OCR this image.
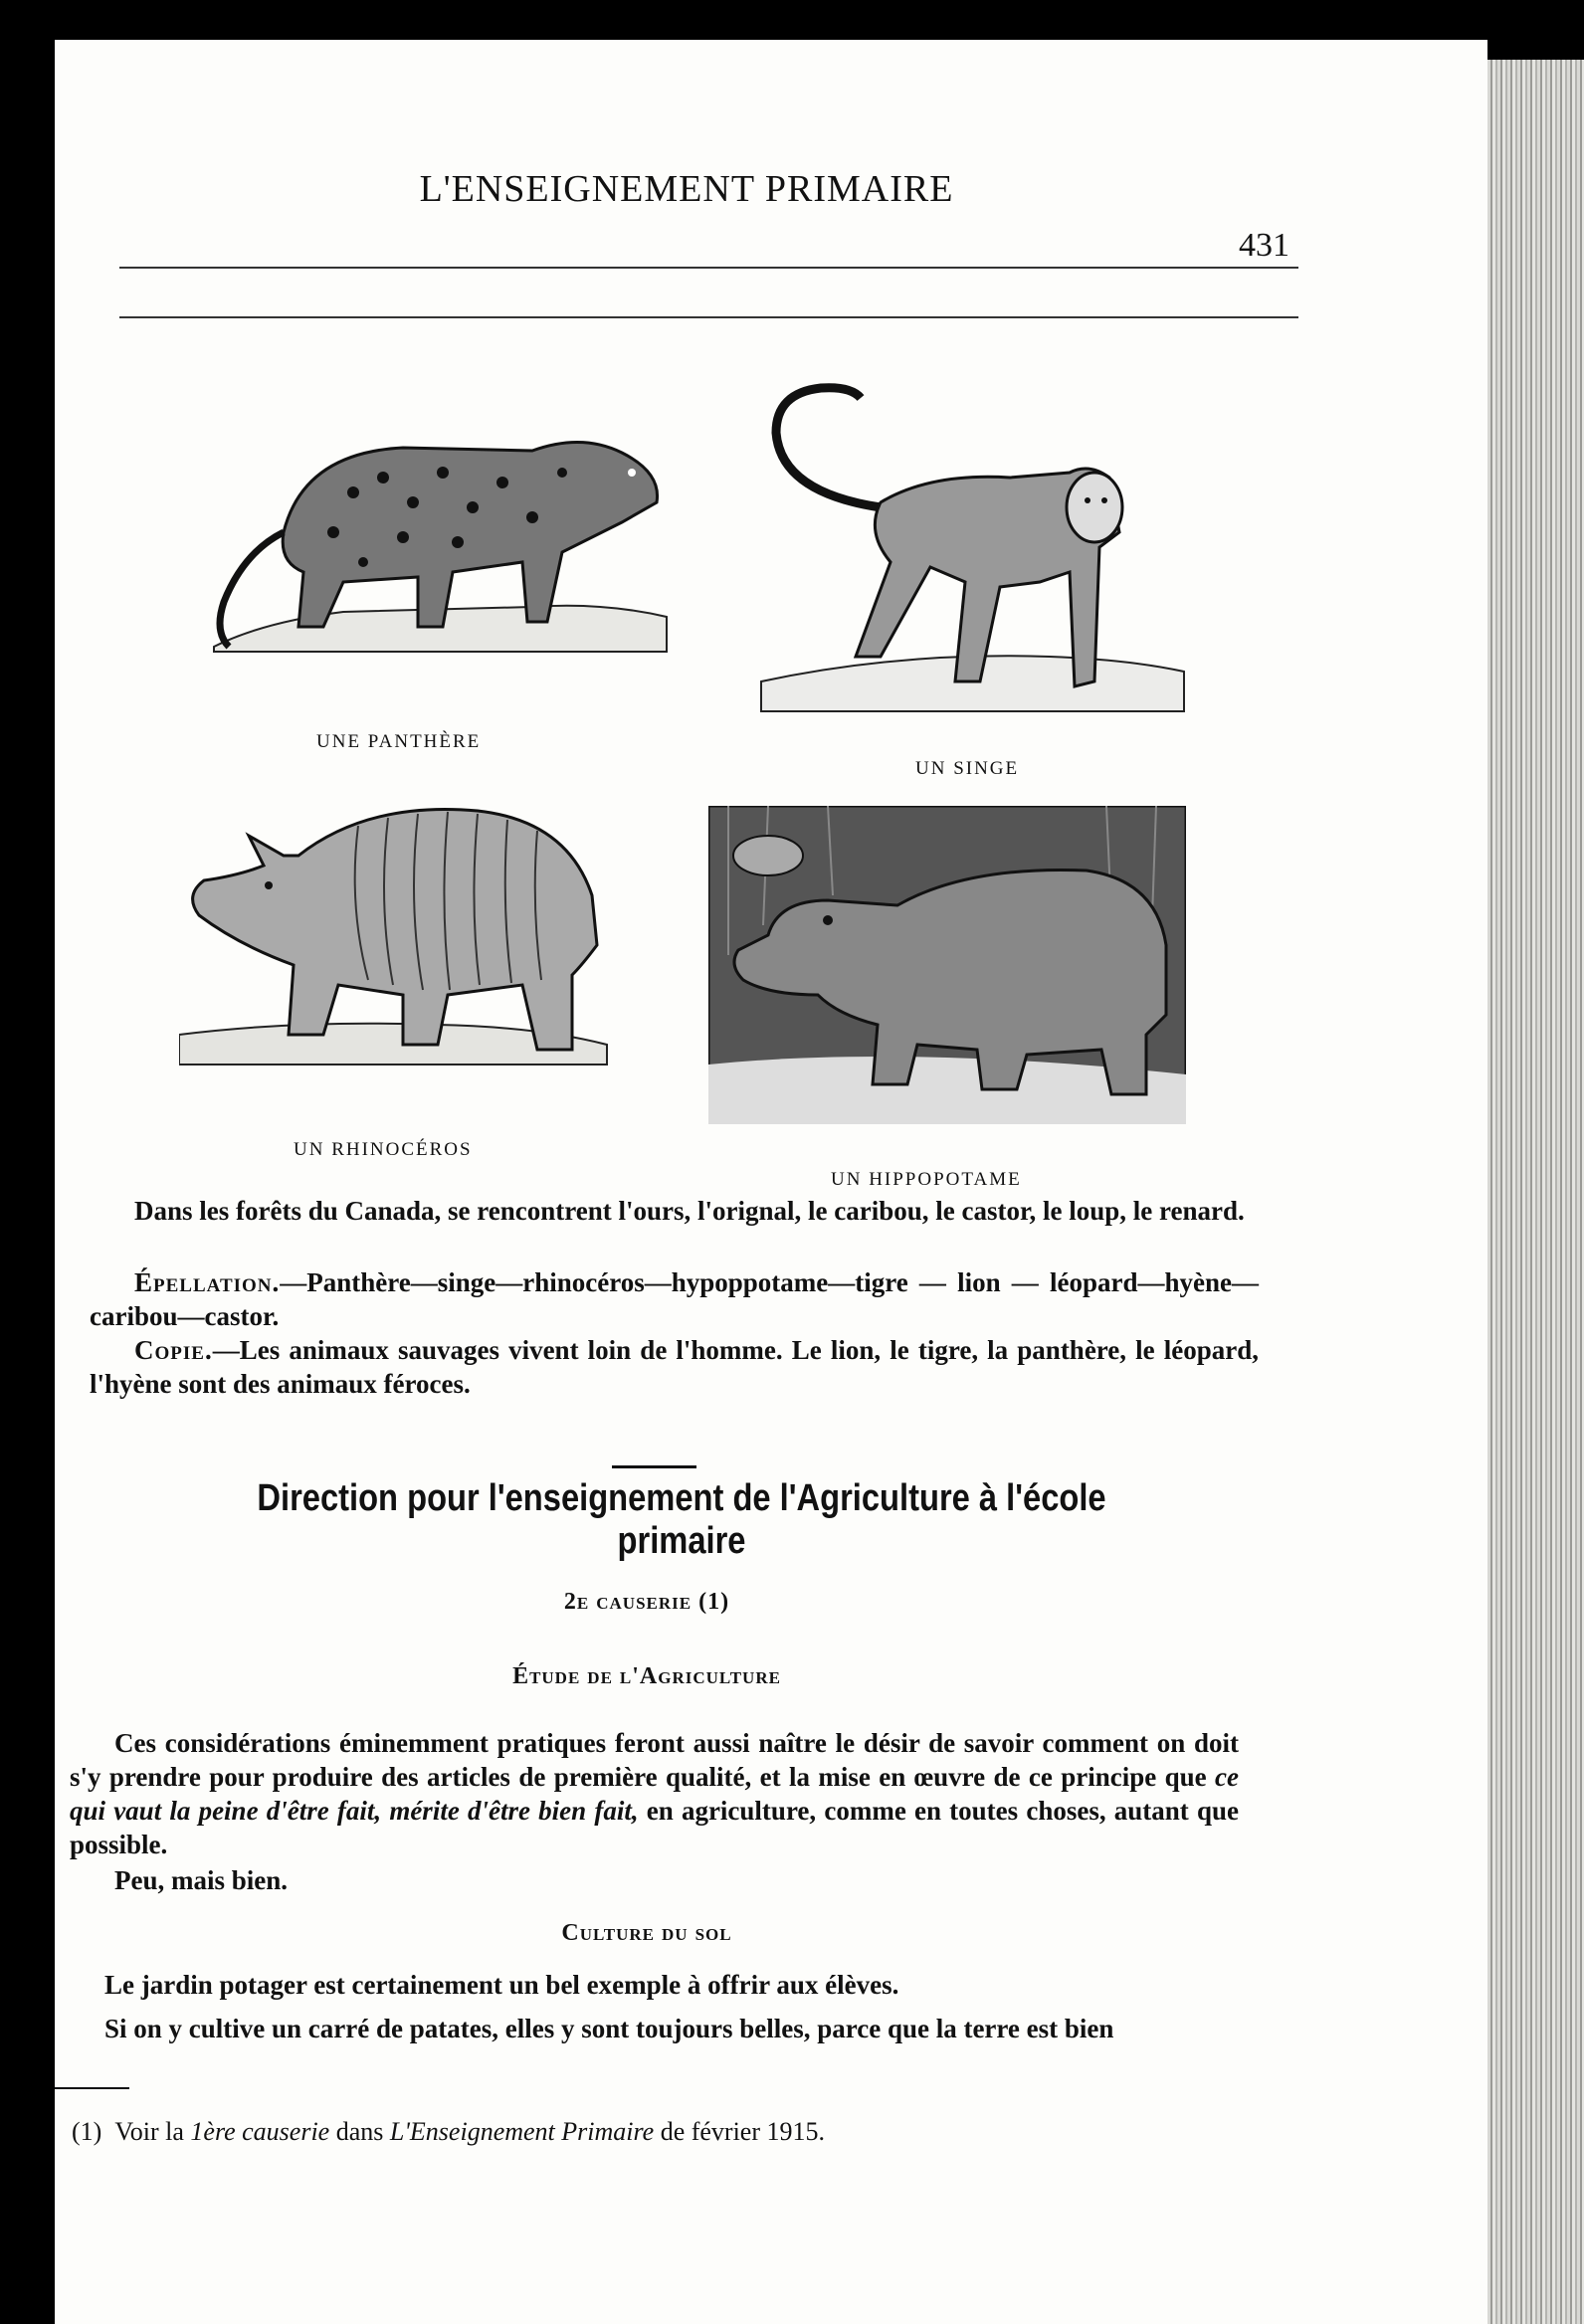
L'ENSEIGNEMENT PRIMAIRE
431
UNE PANTHÈRE
UN SINGE
UN RHINOCÉROS
UN HIPPOPOTAME
Dans les forêts du Canada, se rencontrent l'ours, l'orignal, le caribou, le castor, le loup, le renard.
Épellation.—Panthère—singe—rhinocéros—hypoppotame—tigre — lion — léopard—hyène—caribou—castor.
Copie.—Les animaux sauvages vivent loin de l'homme. Le lion, le tigre, la panthère, le léopard, l'hyène sont des animaux féroces.
Direction pour l'enseignement de l'Agriculture à l'école primaire
2e causerie (1)
Étude de l'Agriculture
Ces considérations éminemment pratiques feront aussi naître le désir de savoir comment on doit s'y prendre pour produire des articles de première qualité, et la mise en œuvre de ce principe que ce qui vaut la peine d'être fait, mérite d'être bien fait, en agriculture, comme en toutes choses, autant que possible.
Peu, mais bien.
Culture du sol
Le jardin potager est certainement un bel exemple à offrir aux élèves.
Si on y cultive un carré de patates, elles y sont toujours belles, parce que la terre est bien
(1) Voir la 1ère causerie dans L'Enseignement Primaire de février 1915.
